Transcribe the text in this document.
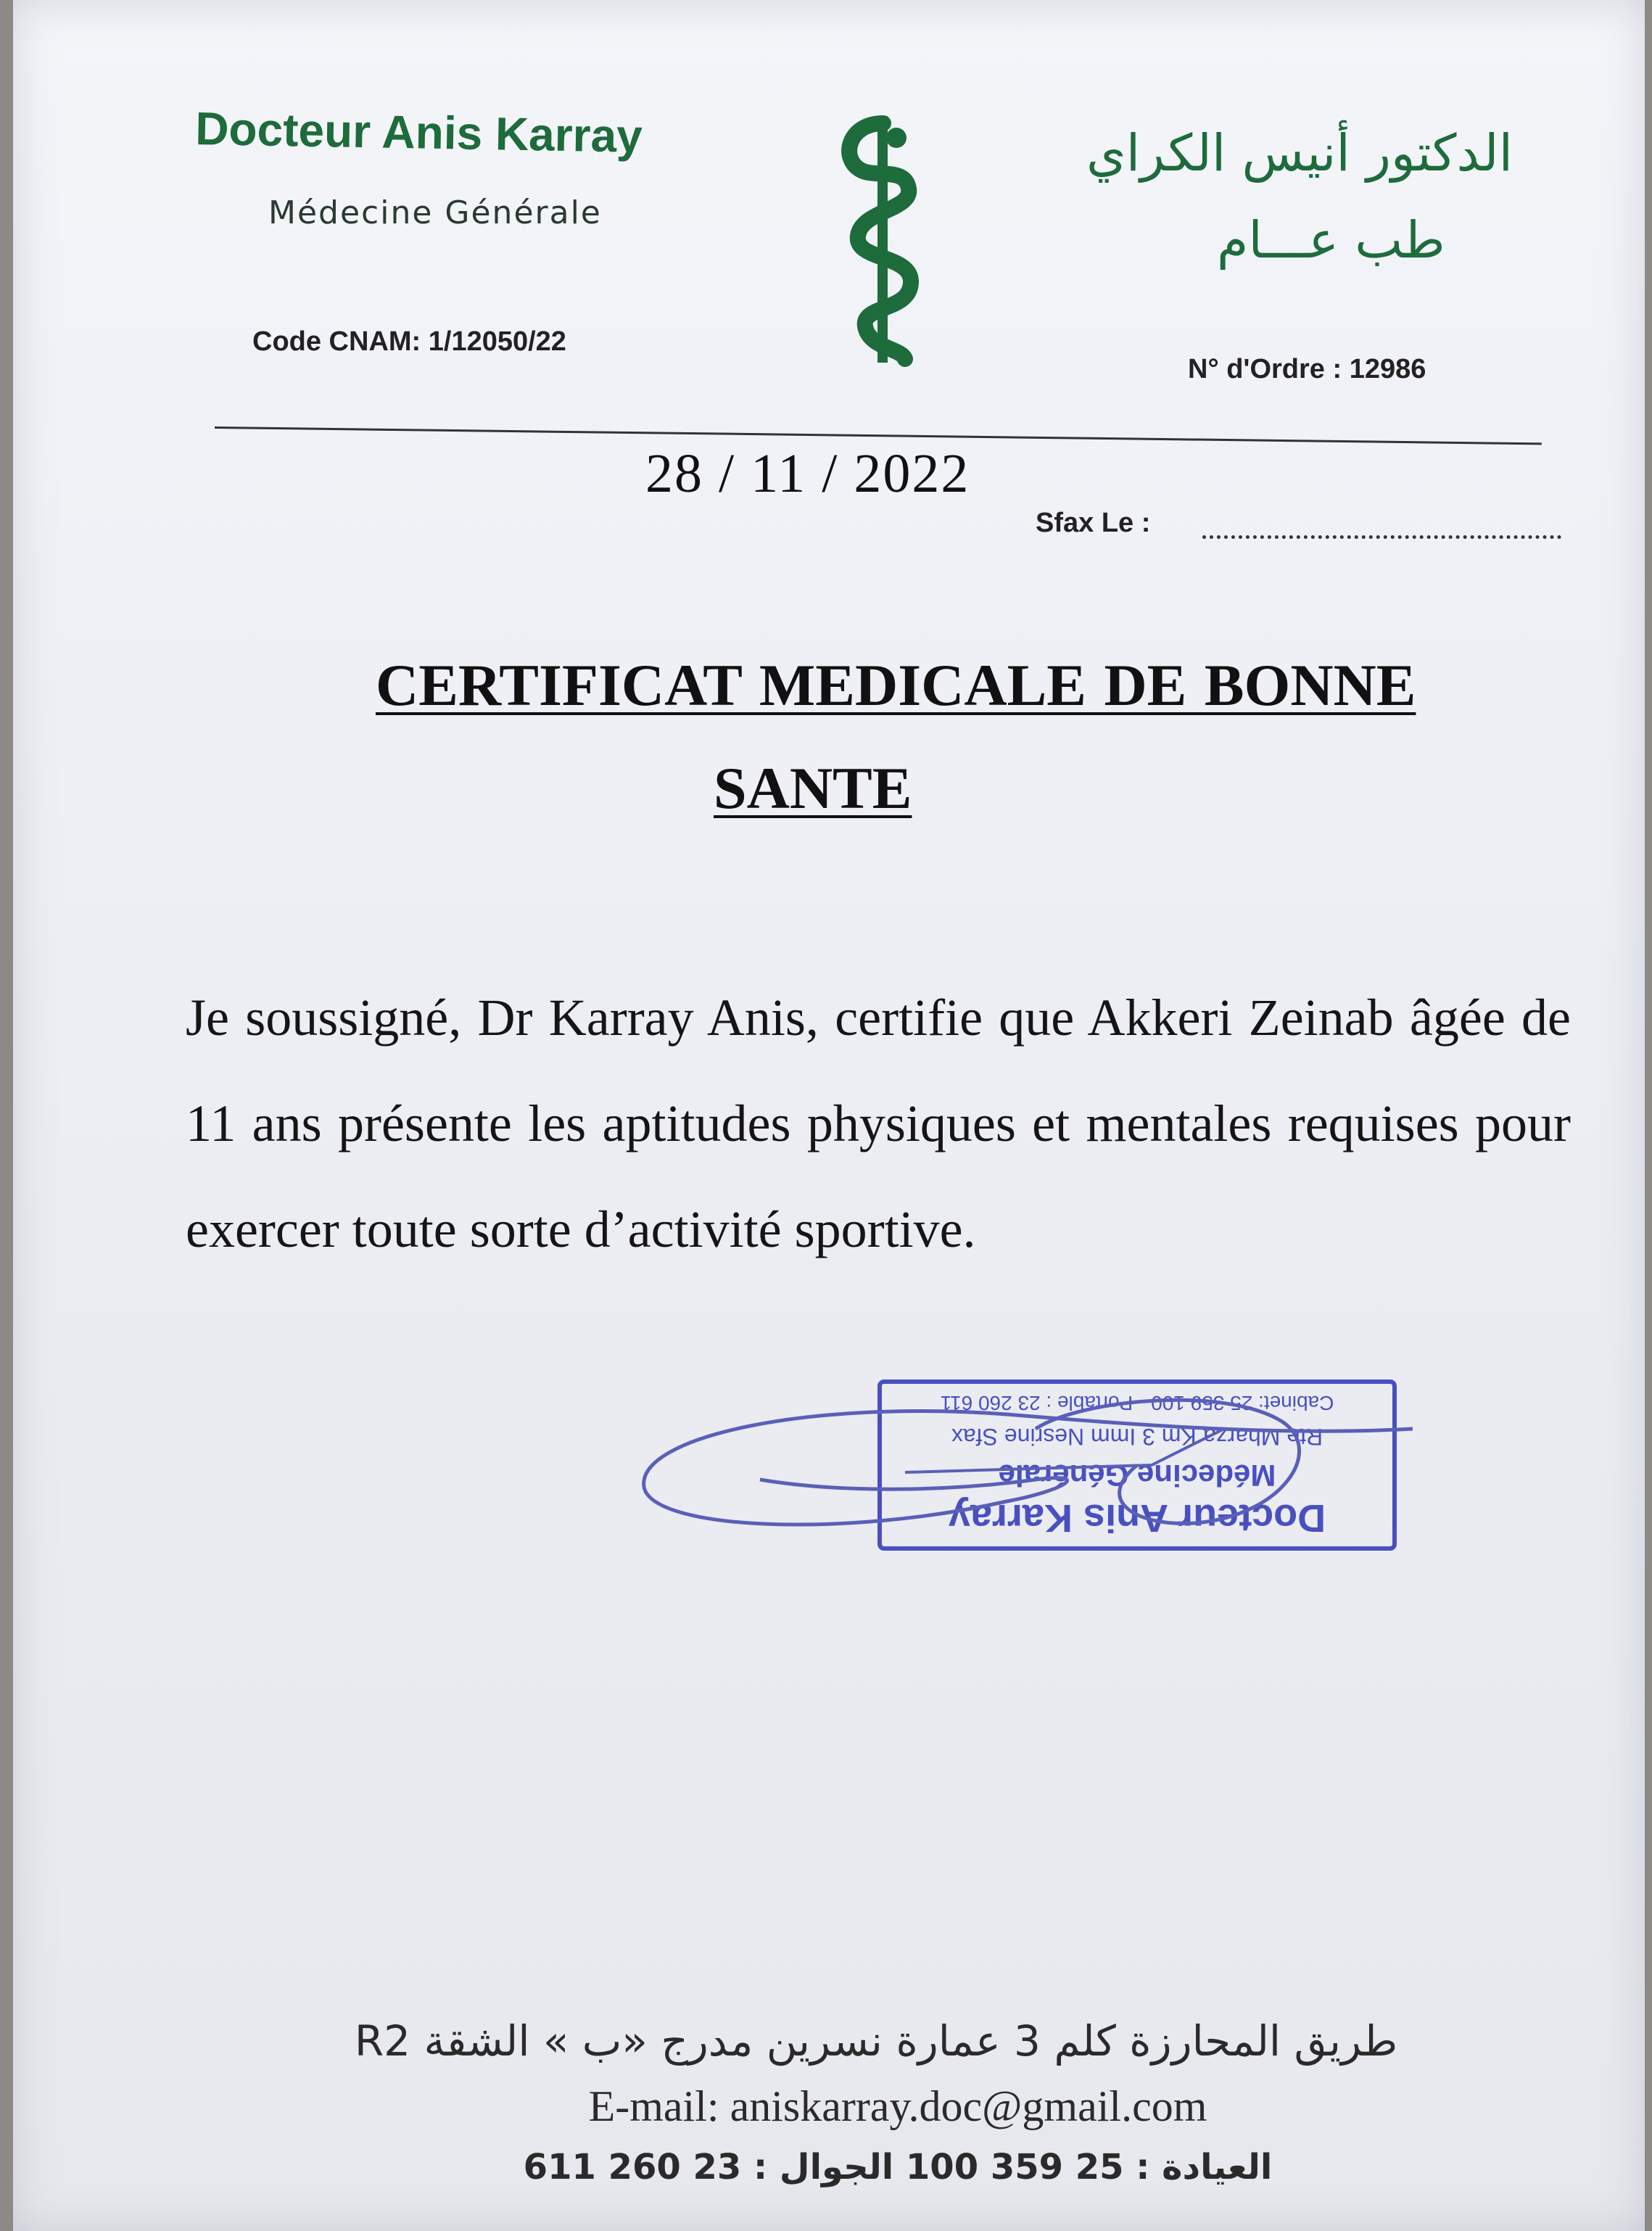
Docteur Anis Karray
Médecine Générale
Code CNAM: 1/12050/22
الدكتور أنيس الكراي
طب عـــام
N° d'Ordre : 12986
28 / 11 / 2022
Sfax Le :
CERTIFICAT MEDICALE DE BONNE
SANTE
Je soussigné, Dr Karray Anis, certifie que Akkeri Zeinab âgée de 11 ans présente les aptitudes physiques et mentales requises pour exercer toute sorte d’activité sportive.
Docteur Anis Karray
Médecine Générale
Rte Mharza Km 3 Imm Nesrine Sfax
Cabinet: 25 359 100 - Portable : 23 260 611
طريق المحارزة كلم 3 عمارة نسرين مدرج «ب » الشقة R2
E-mail: aniskarray.doc@gmail.com
العيادة : 25 359 100 الجوال : 23 260 611
